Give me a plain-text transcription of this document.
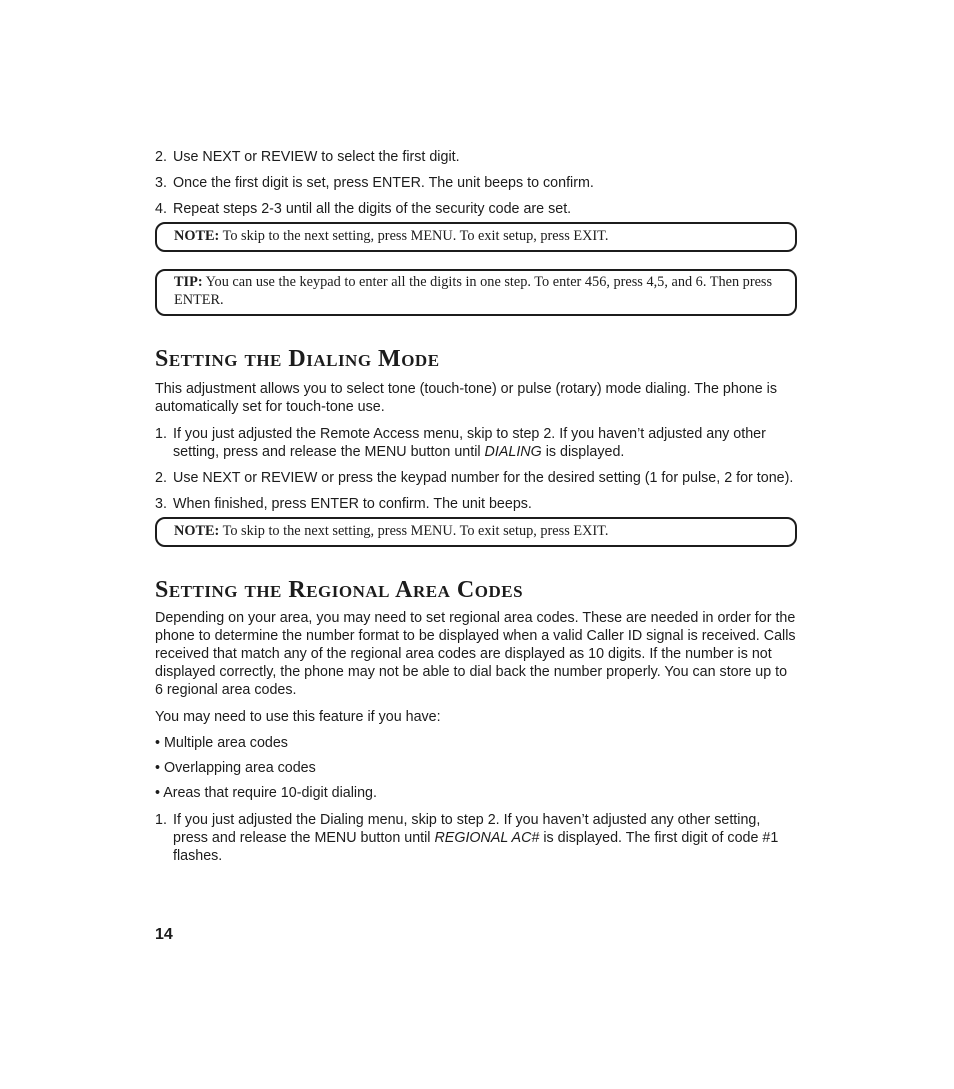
2. Use NEXT or REVIEW to select the first digit.

3. Once the first digit is set, press ENTER. The unit beeps to confirm.

4. Repeat steps 2-3 until all the digits of the security code are set.

NOTE: To skip to the next setting, press MENU. To exit setup, press EXIT.
TIP: You can use the keypad to enter all the digits in one step. To enter 456, press 4,5, and 6. Then press ENTER.
Setting the Dialing Mode

This adjustment allows you to select tone (touch-tone) or pulse (rotary) mode dialing. The phone is automatically set for touch-tone use.

1. If you just adjusted the Remote Access menu, skip to step 2. If you haven’t adjusted any other setting, press and release the MENU button until DIALING is displayed.

2. Use NEXT or REVIEW or press the keypad number for the desired setting (1 for pulse, 2 for tone).

3. When finished, press ENTER to confirm. The unit beeps.

NOTE: To skip to the next setting, press MENU. To exit setup, press EXIT.
Setting the Regional Area Codes

Depending on your area, you may need to set regional area codes. These are needed in order for the phone to determine the number format to be displayed when a valid Caller ID signal is received. Calls received that match any of the regional area codes are displayed as 10 digits. If the number is not displayed correctly, the phone may not be able to dial back the number properly. You can store up to 6 regional area codes.

You may need to use this feature if you have:

• Multiple area codes

• Overlapping area codes

• Areas that require 10-digit dialing.

1. If you just adjusted the Dialing menu, skip to step 2. If you haven’t adjusted any other setting, press and release the MENU button until REGIONAL AC# is displayed. The first digit of code #1 flashes.

14
